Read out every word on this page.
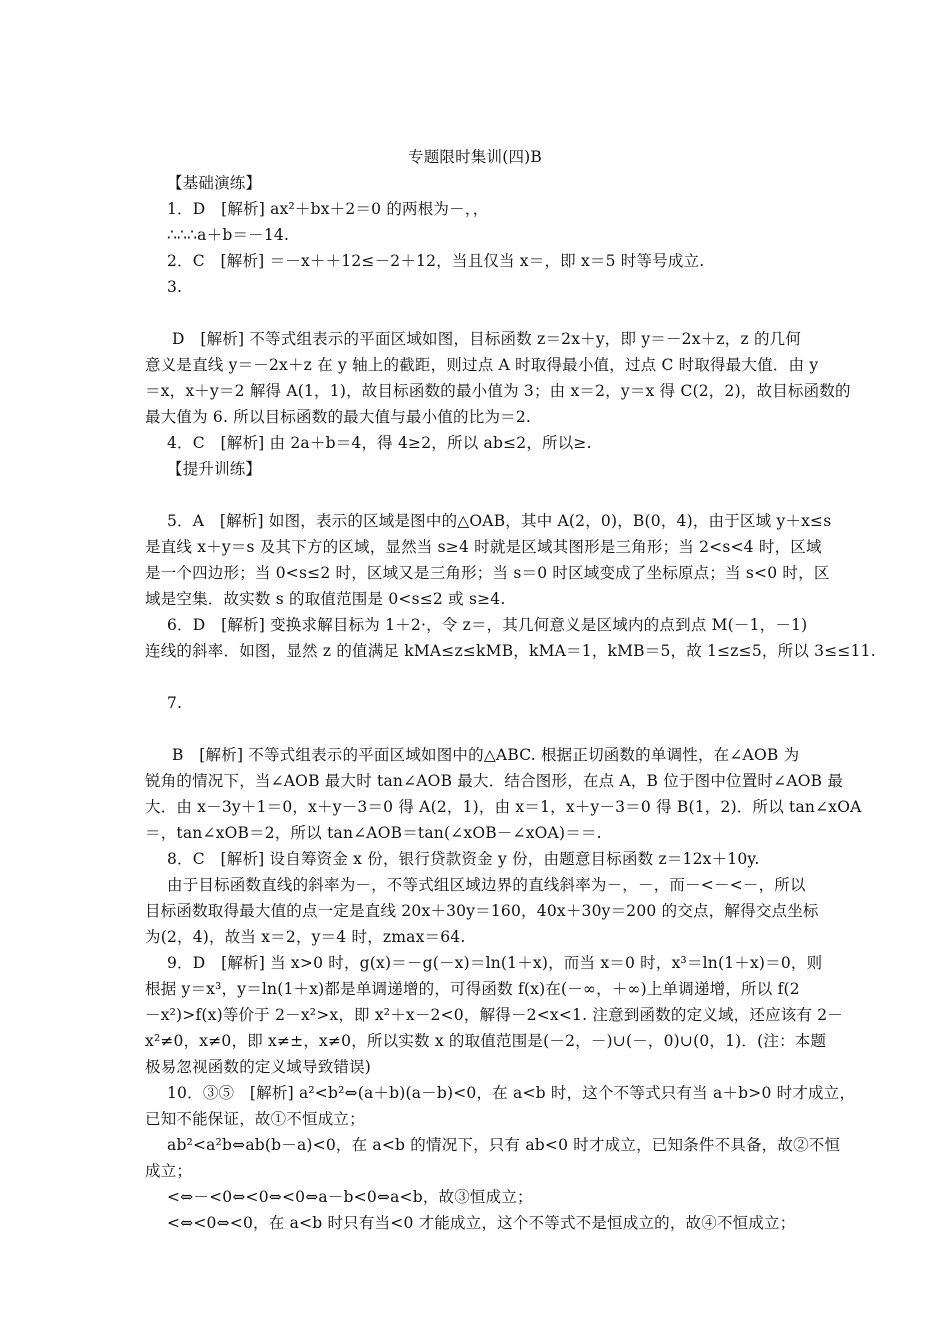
专题限时集训(四)B
【基础演练】
1．D　[解析] ax²＋bx＋2＝0 的两根为－，，
∴∴∴a＋b＝－14.
2．C　[解析] ＝－x＋＋12≤－2＋12，当且仅当 x＝，即 x＝5 时等号成立.
3.
D　[解析] 不等式组表示的平面区域如图，目标函数 z＝2x＋y，即 y＝－2x＋z，z 的几何
意义是直线 y＝－2x＋z 在 y 轴上的截距，则过点 A 时取得最小值，过点 C 时取得最大值．由 y
＝x，x＋y＝2 解得 A(1，1)，故目标函数的最小值为 3；由 x＝2，y＝x 得 C(2，2)，故目标函数的
最大值为 6. 所以目标函数的最大值与最小值的比为＝2.
4．C　[解析] 由 2a＋b＝4，得 4≥2，所以 ab≤2，所以≥.
【提升训练】
5．A　[解析] 如图，表示的区域是图中的△OAB，其中 A(2，0)，B(0，4)，由于区域 y＋x≤s
是直线 x＋y＝s 及其下方的区域，显然当 s≥4 时就是区域其图形是三角形；当 2<s<4 时，区域
是一个四边形；当 0<s≤2 时，区域又是三角形；当 s＝0 时区域变成了坐标原点；当 s<0 时，区
域是空集．故实数 s 的取值范围是 0<s≤2 或 s≥4.
6．D　[解析] 变换求解目标为 1＋2·，令 z＝，其几何意义是区域内的点到点 M(－1，－1)
连线的斜率．如图，显然 z 的值满足 kMA≤z≤kMB，kMA＝1，kMB＝5，故 1≤z≤5，所以 3≤≤11.
7.
B　[解析] 不等式组表示的平面区域如图中的△ABC. 根据正切函数的单调性，在∠AOB 为
锐角的情况下，当∠AOB 最大时 tan∠AOB 最大．结合图形，在点 A，B 位于图中位置时∠AOB 最
大．由 x－3y＋1＝0，x＋y－3＝0 得 A(2，1)，由 x＝1，x＋y－3＝0 得 B(1，2)．所以 tan∠xOA
＝，tan∠xOB＝2，所以 tan∠AOB＝tan(∠xOB－∠xOA)＝＝.
8．C　[解析] 设自筹资金 x 份，银行贷款资金 y 份，由题意目标函数 z＝12x＋10y.
由于目标函数直线的斜率为－，不等式组区域边界的直线斜率为－，－，而－<－<－，所以
目标函数取得最大值的点一定是直线 20x＋30y＝160，40x＋30y＝200 的交点，解得交点坐标
为(2，4)，故当 x＝2，y＝4 时，zmax＝64.
9．D　[解析] 当 x>0 时，g(x)＝－g(－x)＝ln(1＋x)，而当 x＝0 时，x³＝ln(1＋x)＝0，则
根据 y＝x³，y＝ln(1＋x)都是单调递增的，可得函数 f(x)在(－∞，＋∞)上单调递增，所以 f(2
－x²)>f(x)等价于 2－x²>x，即 x²＋x－2<0，解得－2<x<1. 注意到函数的定义域，还应该有 2－
x²≠0，x≠0，即 x≠±，x≠0，所以实数 x 的取值范围是(－2，－)∪(－，0)∪(0，1)．(注：本题
极易忽视函数的定义域导致错误)
10．③⑤　[解析] a²<b²⇔(a＋b)(a－b)<0，在 a<b 时，这个不等式只有当 a＋b>0 时才成立，
已知不能保证，故①不恒成立；
ab²<a²b⇔ab(b－a)<0，在 a<b 的情况下，只有 ab<0 时才成立，已知条件不具备，故②不恒
成立；
<⇔－<0⇔<0⇔<0⇔a－b<0⇔a<b，故③恒成立；
<⇔<0⇔<0，在 a<b 时只有当<0 才能成立，这个不等式不是恒成立的，故④不恒成立；
